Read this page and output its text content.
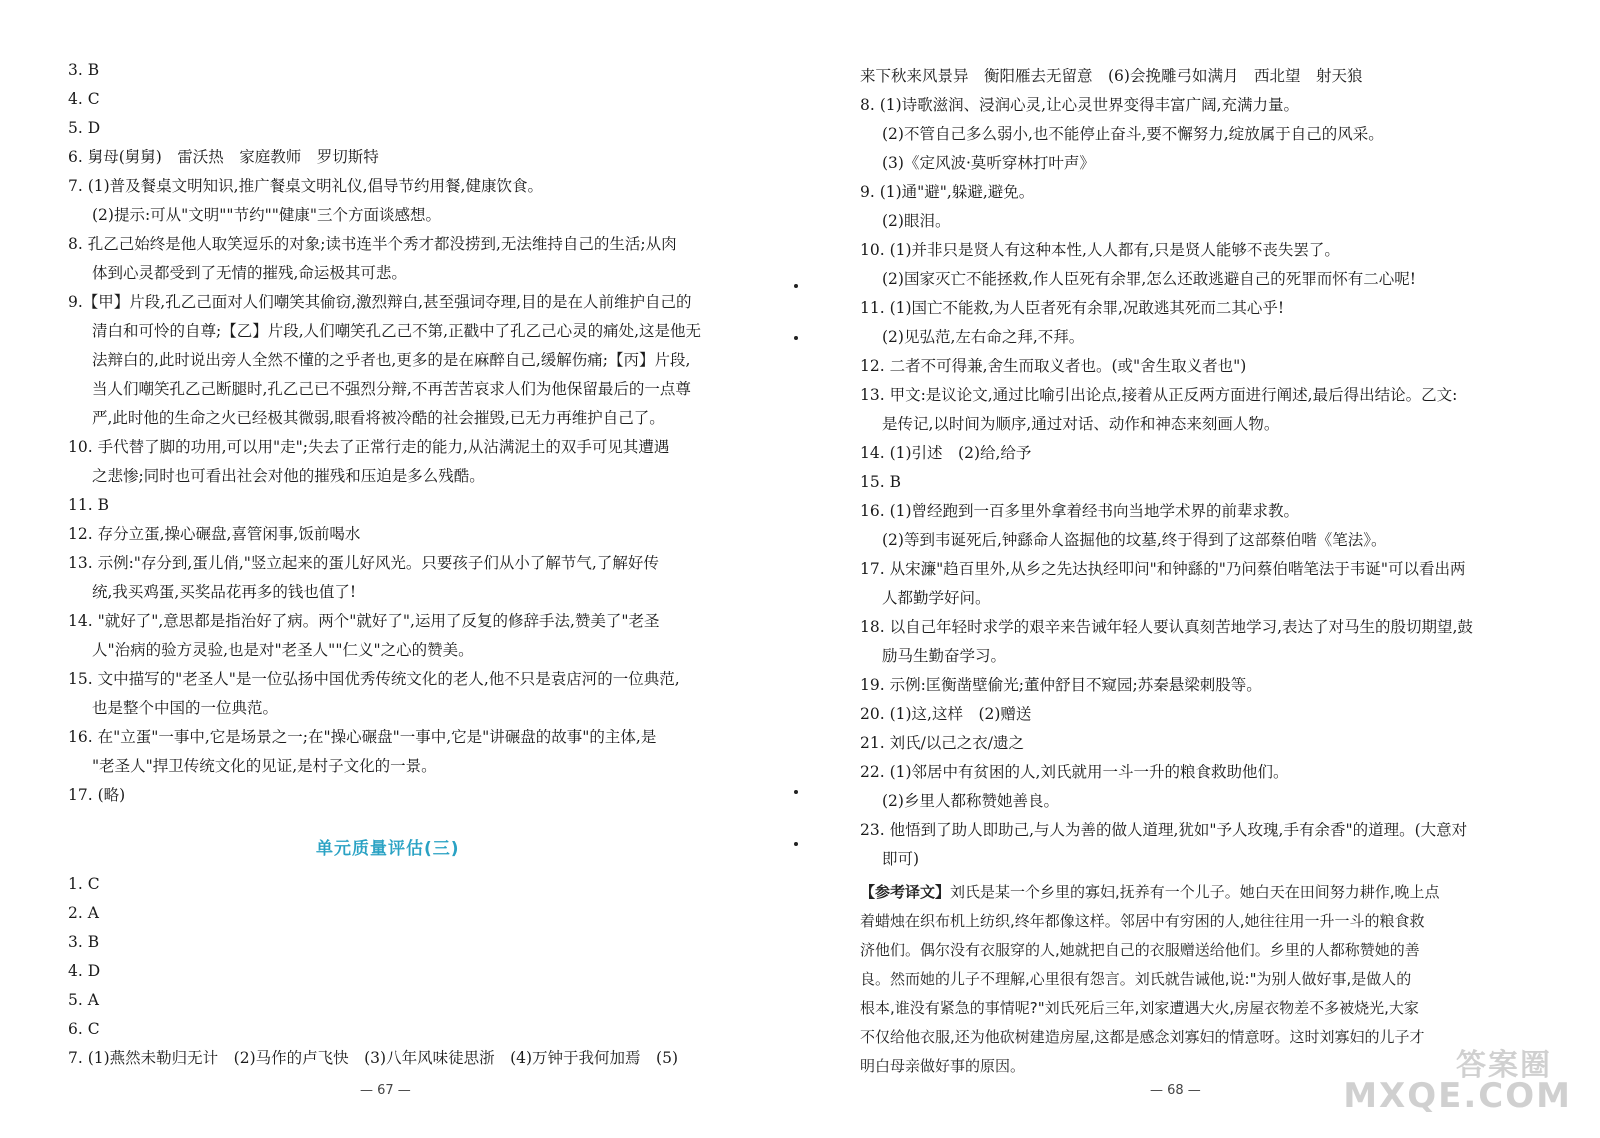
3. B
4. C
5. D
6. 舅母(舅舅)　雷沃热　家庭教师　罗切斯特
7. (1)普及餐桌文明知识,推广餐桌文明礼仪,倡导节约用餐,健康饮食。
(2)提示:可从"文明""节约""健康"三个方面谈感想。
8. 孔乙己始终是他人取笑逗乐的对象;读书连半个秀才都没捞到,无法维持自己的生活;从肉
体到心灵都受到了无情的摧残,命运极其可悲。
9.【甲】片段,孔乙己面对人们嘲笑其偷窃,激烈辩白,甚至强词夺理,目的是在人前维护自己的
清白和可怜的自尊;【乙】片段,人们嘲笑孔乙己不第,正戳中了孔乙己心灵的痛处,这是他无
法辩白的,此时说出旁人全然不懂的之乎者也,更多的是在麻醉自己,缓解伤痛;【丙】片段,
当人们嘲笑孔乙己断腿时,孔乙己已不强烈分辩,不再苦苦哀求人们为他保留最后的一点尊
严,此时他的生命之火已经极其微弱,眼看将被冷酷的社会摧毁,已无力再维护自己了。
10. 手代替了脚的功用,可以用"走";失去了正常行走的能力,从沾满泥土的双手可见其遭遇
之悲惨;同时也可看出社会对他的摧残和压迫是多么残酷。
11. B
12. 存分立蛋,操心碾盘,喜管闲事,饭前喝水
13. 示例:"存分到,蛋儿俏,"竖立起来的蛋儿好风光。只要孩子们从小了解节气,了解好传
统,我买鸡蛋,买奖品花再多的钱也值了!
14. "就好了",意思都是指治好了病。两个"就好了",运用了反复的修辞手法,赞美了"老圣
人"治病的验方灵验,也是对"老圣人""仁义"之心的赞美。
15. 文中描写的"老圣人"是一位弘扬中国优秀传统文化的老人,他不只是袁店河的一位典范,
也是整个中国的一位典范。
16. 在"立蛋"一事中,它是场景之一;在"操心碾盘"一事中,它是"讲碾盘的故事"的主体,是
"老圣人"捍卫传统文化的见证,是村子文化的一景。
17. (略)
单元质量评估(三)
1. C
2. A
3. B
4. D
5. A
6. C
7. (1)燕然未勒归无计　(2)马作的卢飞快　(3)八年风味徒思浙　(4)万钟于我何加焉　(5)
— 67 —
来下秋来风景异　衡阳雁去无留意　(6)会挽雕弓如满月　西北望　射天狼
8. (1)诗歌滋润、浸润心灵,让心灵世界变得丰富广阔,充满力量。
(2)不管自己多么弱小,也不能停止奋斗,要不懈努力,绽放属于自己的风采。
(3)《定风波·莫听穿林打叶声》
9. (1)通"避",躲避,避免。
(2)眼泪。
10. (1)并非只是贤人有这种本性,人人都有,只是贤人能够不丧失罢了。
(2)国家灭亡不能拯救,作人臣死有余罪,怎么还敢逃避自己的死罪而怀有二心呢!
11. (1)国亡不能救,为人臣者死有余罪,况敢逃其死而二其心乎!
(2)见弘范,左右命之拜,不拜。
12. 二者不可得兼,舍生而取义者也。(或"舍生取义者也")
13. 甲文:是议论文,通过比喻引出论点,接着从正反两方面进行阐述,最后得出结论。乙文:
是传记,以时间为顺序,通过对话、动作和神态来刻画人物。
14. (1)引述　(2)给,给予
15. B
16. (1)曾经跑到一百多里外拿着经书向当地学术界的前辈求教。
(2)等到韦诞死后,钟繇命人盗掘他的坟墓,终于得到了这部蔡伯喈《笔法》。
17. 从宋濂"趋百里外,从乡之先达执经叩问"和钟繇的"乃问蔡伯喈笔法于韦诞"可以看出两
人都勤学好问。
18. 以自己年轻时求学的艰辛来告诫年轻人要认真刻苦地学习,表达了对马生的殷切期望,鼓
励马生勤奋学习。
19. 示例:匡衡凿壁偷光;董仲舒目不窥园;苏秦悬梁刺股等。
20. (1)这,这样　(2)赠送
21. 刘氏/以己之衣/遗之
22. (1)邻居中有贫困的人,刘氏就用一斗一升的粮食救助他们。
(2)乡里人都称赞她善良。
23. 他悟到了助人即助己,与人为善的做人道理,犹如"予人玫瑰,手有余香"的道理。(大意对
即可)
【参考译文】刘氏是某一个乡里的寡妇,抚养有一个儿子。她白天在田间努力耕作,晚上点
着蜡烛在织布机上纺织,终年都像这样。邻居中有穷困的人,她往往用一升一斗的粮食救
济他们。偶尔没有衣服穿的人,她就把自己的衣服赠送给他们。乡里的人都称赞她的善
良。然而她的儿子不理解,心里很有怨言。刘氏就告诫他,说:"为别人做好事,是做人的
根本,谁没有紧急的事情呢?"刘氏死后三年,刘家遭遇大火,房屋衣物差不多被烧光,大家
不仅给他衣服,还为他砍树建造房屋,这都是感念刘寡妇的情意呀。这时刘寡妇的儿子才
明白母亲做好事的原因。
— 68 —
答案圈
MXQE.COM
